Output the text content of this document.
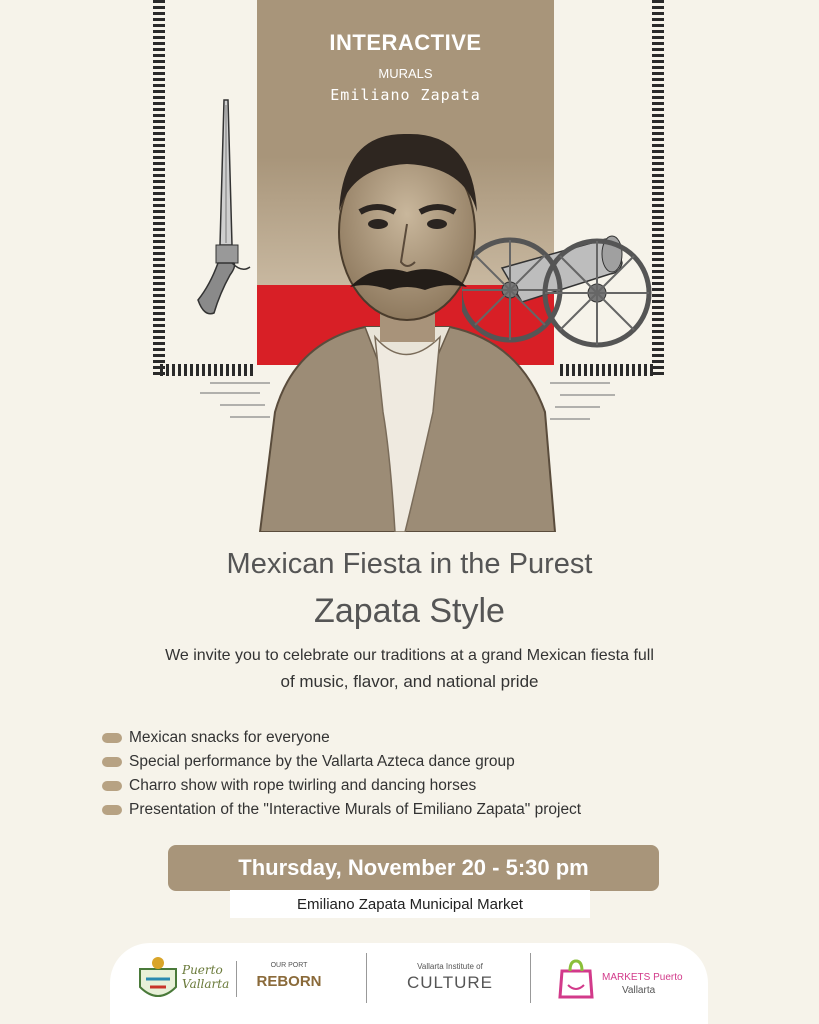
INTERACTIVE
MURALS
Emiliano Zapata
Mexican Fiesta in the Purest
Zapata Style
We invite you to celebrate our traditions at a grand Mexican fiesta full
of music, flavor, and national pride
Mexican snacks for everyone
Special performance by the Vallarta Azteca dance group
Charro show with rope twirling and dancing horses
Presentation of the "Interactive Murals of Emiliano Zapata" project
Thursday, November 20 - 5:30 pm
Emiliano Zapata Municipal Market
Puerto
Vallarta
OUR PORT
REBORN
Vallarta Institute of
CULTURE	MARKETS Puerto
Vallarta
